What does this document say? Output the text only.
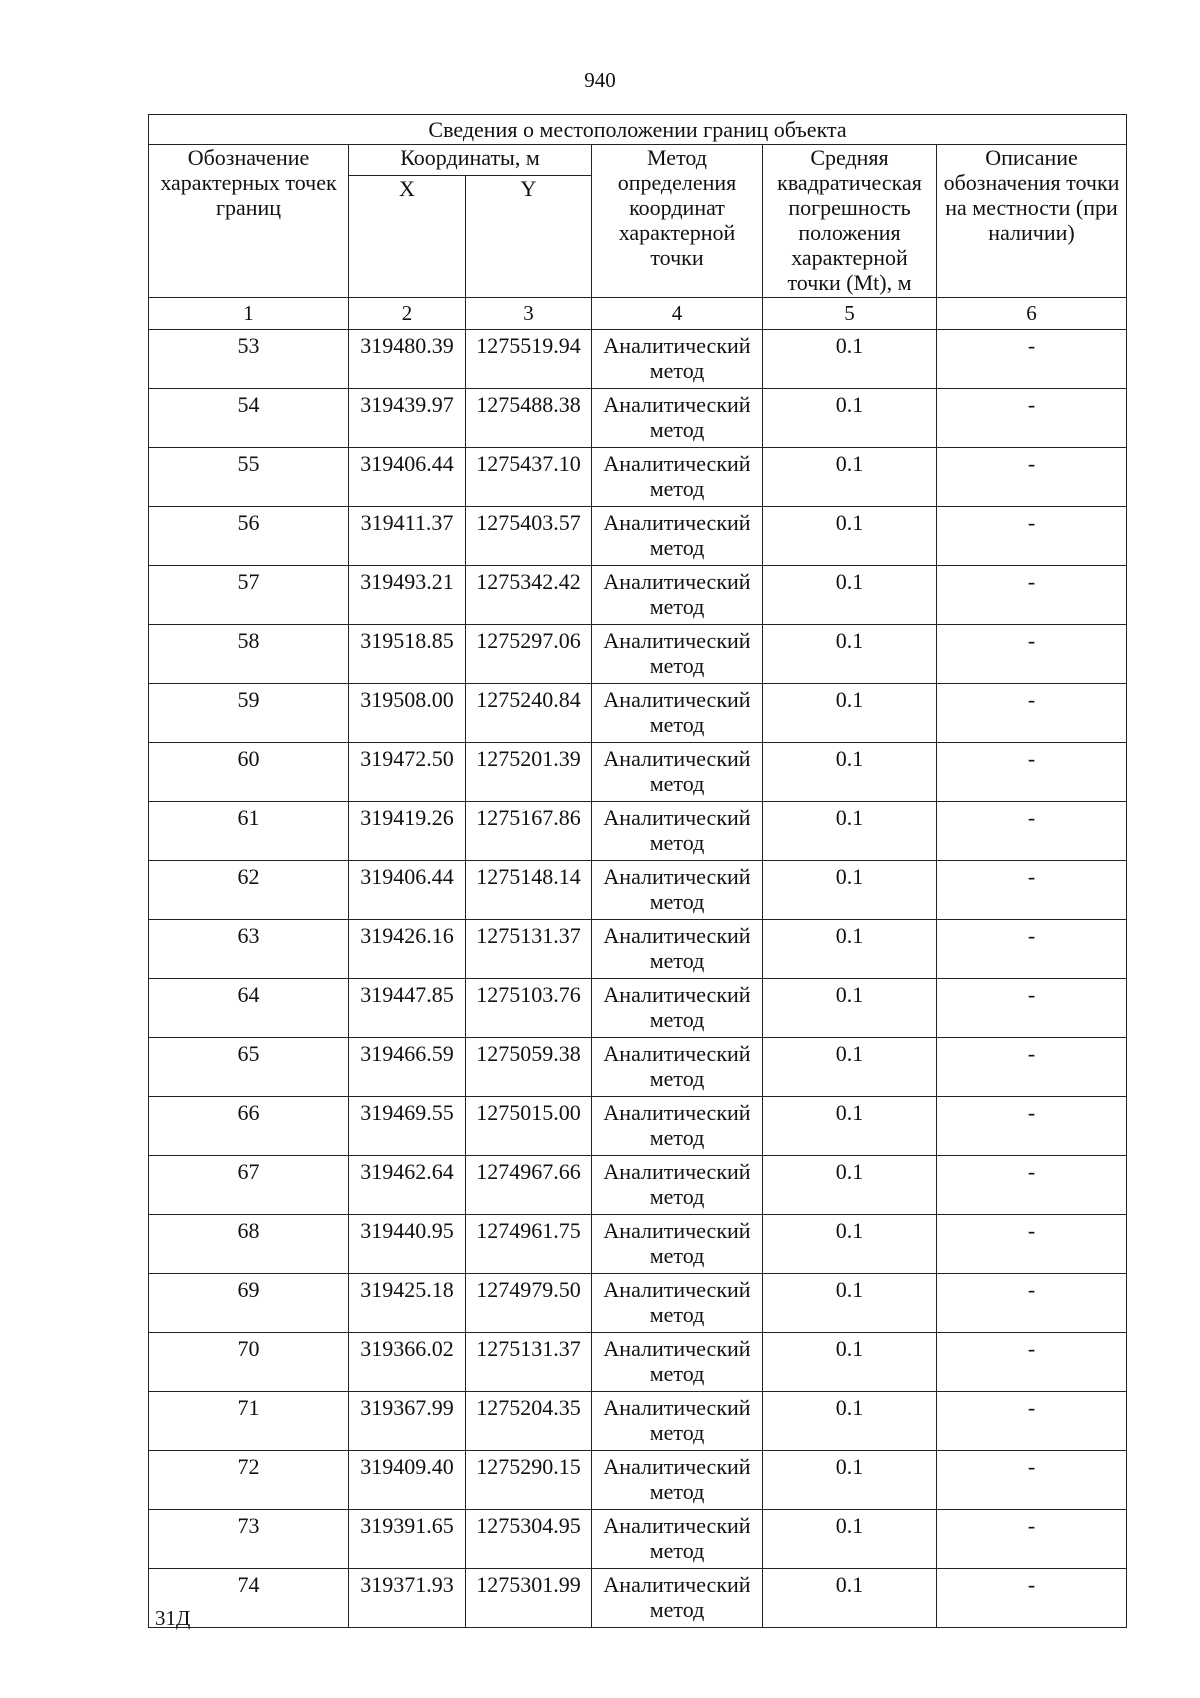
940
Сведения о местоположении границ объекта					
Обозначение характерных точек границ	Координаты, м		Метод определения координат характерной точки	Средняя квадратическая погрешность положения характерной точки (Mt), м	Описание обозначения точки на местности (при наличии)
	X	Y			
1	2	3	4	5	6
53	319480.39	1275519.94	Аналитический метод	0.1	-
54	319439.97	1275488.38	Аналитический метод	0.1	-
55	319406.44	1275437.10	Аналитический метод	0.1	-
56	319411.37	1275403.57	Аналитический метод	0.1	-
57	319493.21	1275342.42	Аналитический метод	0.1	-
58	319518.85	1275297.06	Аналитический метод	0.1	-
59	319508.00	1275240.84	Аналитический метод	0.1	-
60	319472.50	1275201.39	Аналитический метод	0.1	-
61	319419.26	1275167.86	Аналитический метод	0.1	-
62	319406.44	1275148.14	Аналитический метод	0.1	-
63	319426.16	1275131.37	Аналитический метод	0.1	-
64	319447.85	1275103.76	Аналитический метод	0.1	-
65	319466.59	1275059.38	Аналитический метод	0.1	-
66	319469.55	1275015.00	Аналитический метод	0.1	-
67	319462.64	1274967.66	Аналитический метод	0.1	-
68	319440.95	1274961.75	Аналитический метод	0.1	-
69	319425.18	1274979.50	Аналитический метод	0.1	-
70	319366.02	1275131.37	Аналитический метод	0.1	-
71	319367.99	1275204.35	Аналитический метод	0.1	-
72	319409.40	1275290.15	Аналитический метод	0.1	-
73	319391.65	1275304.95	Аналитический метод	0.1	-
74	319371.93	1275301.99	Аналитический метод	0.1	-
31Д
